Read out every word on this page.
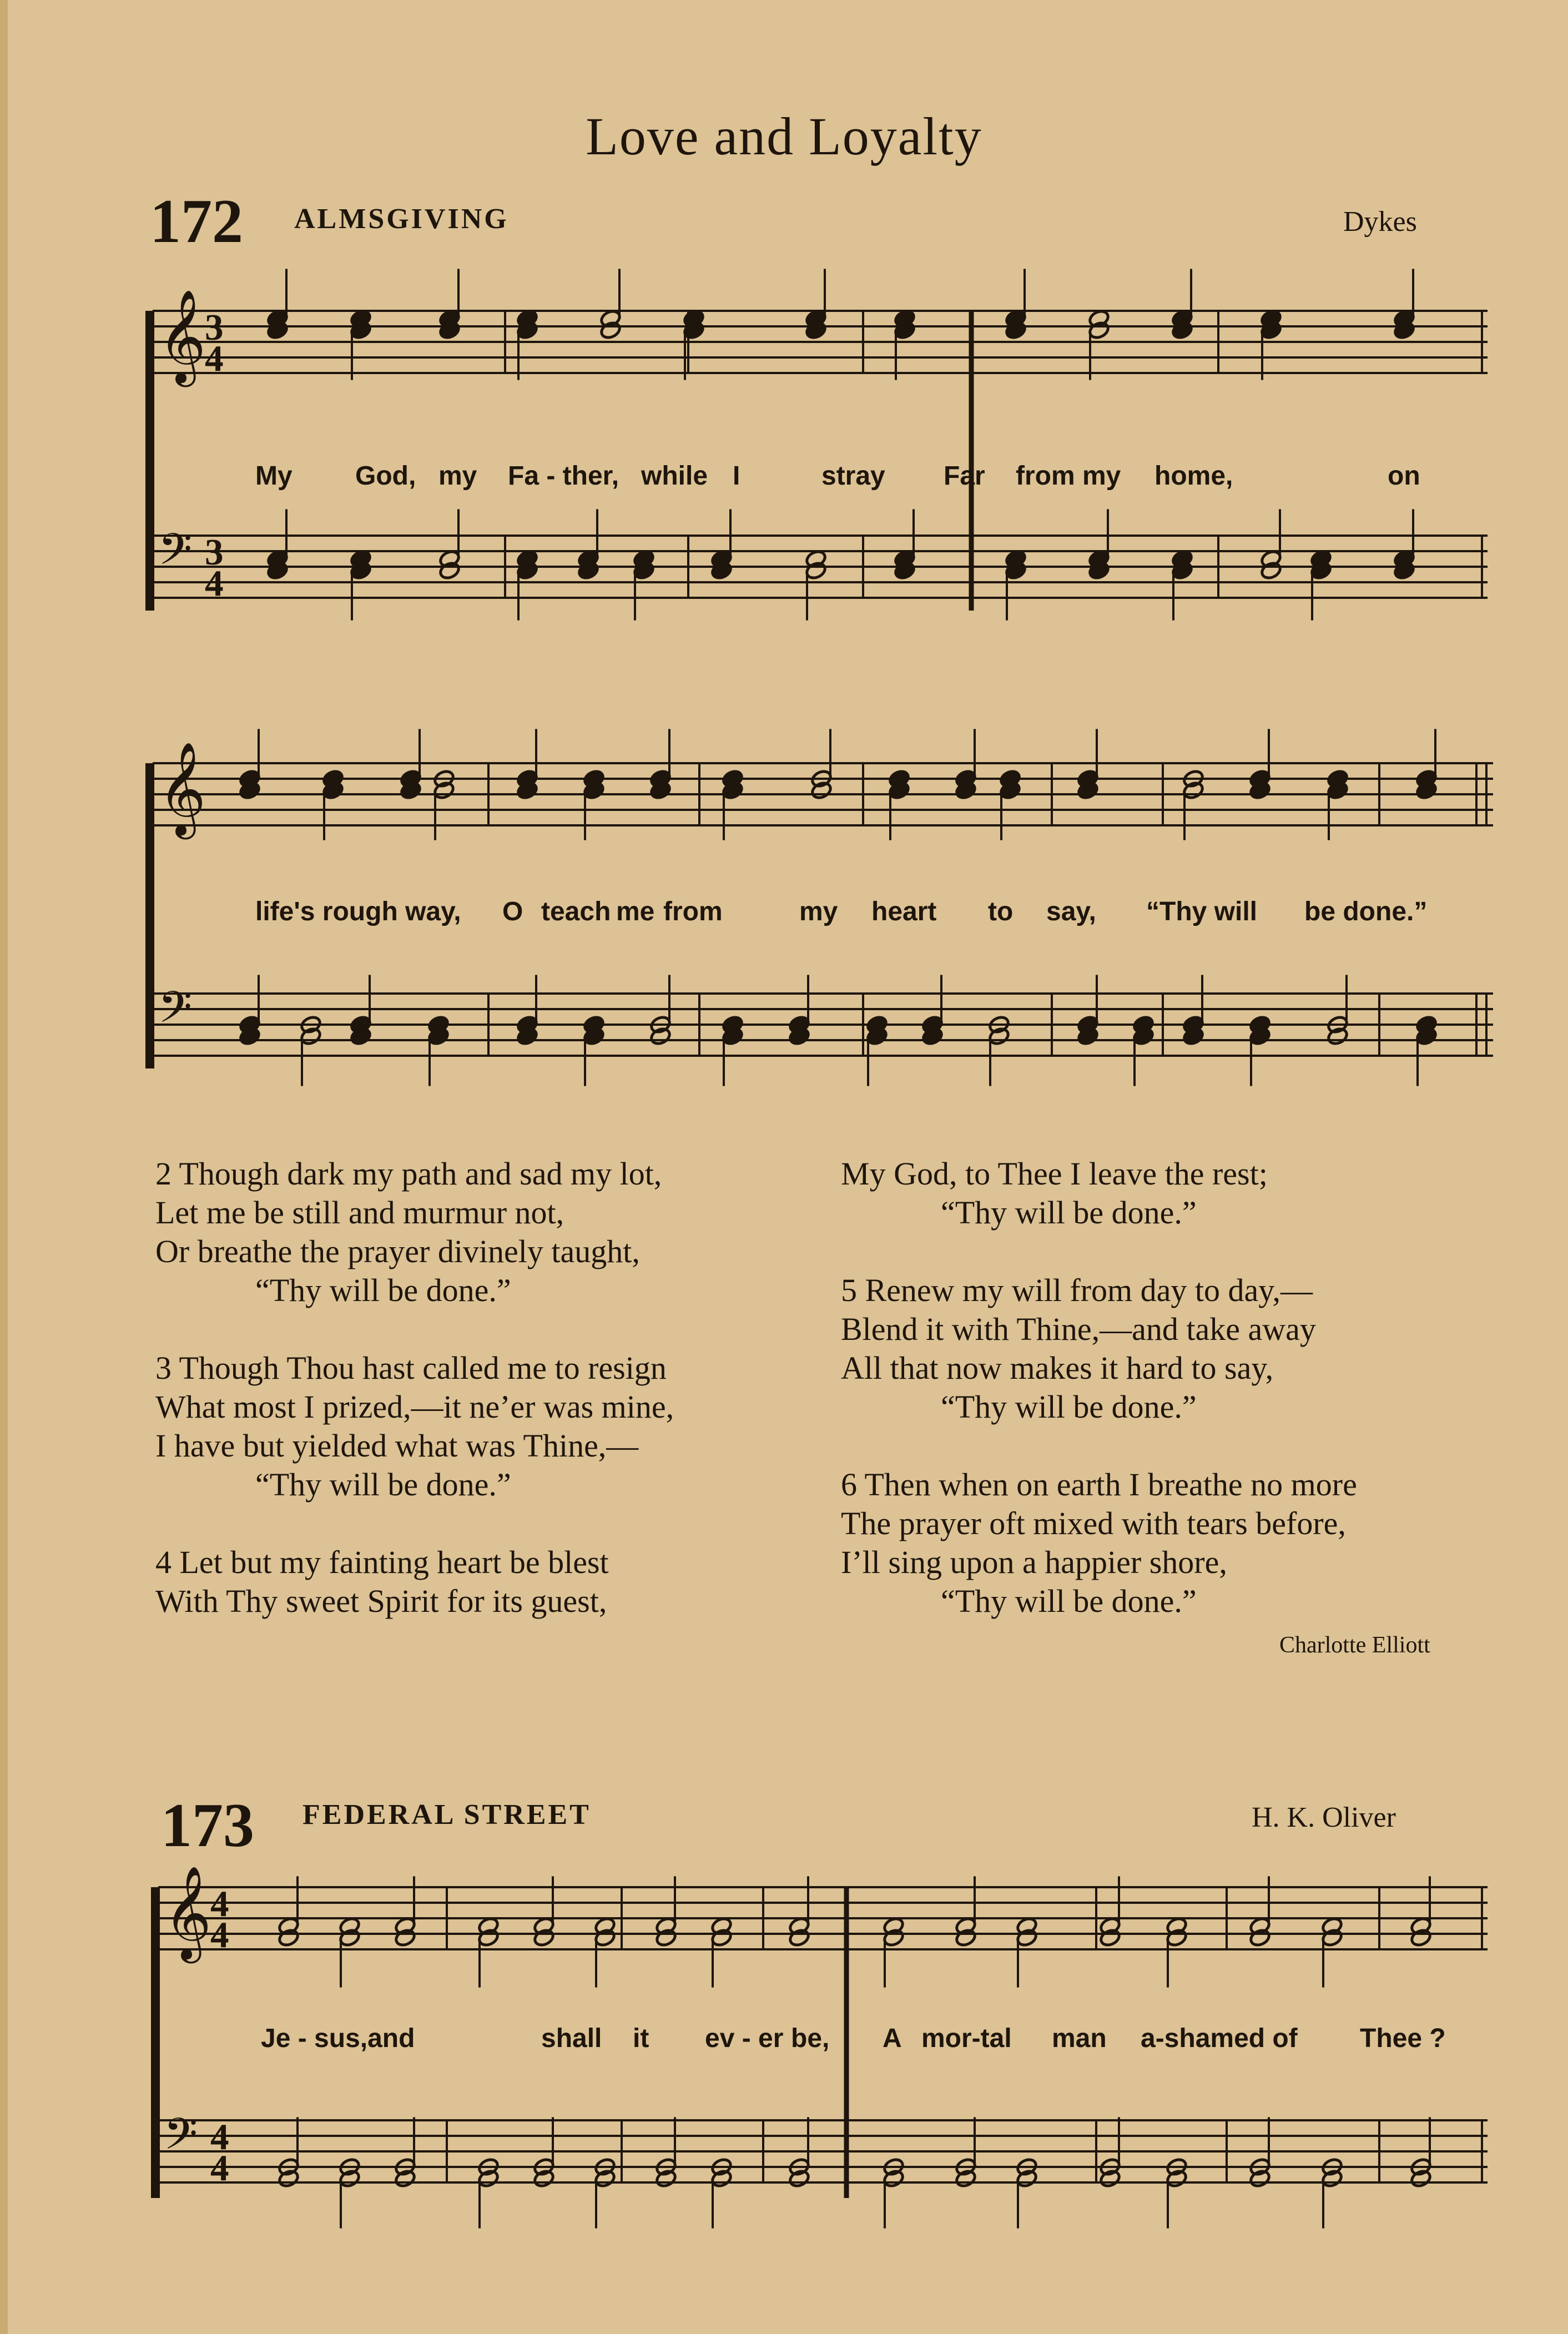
Love and Loyalty
172 ALMSGIVING	Dykes
𝄞
3
4
𝄢 3
4
𝄞
𝄢
𝄞
4
4
𝄢 4
4
My God, my Fa - ther, while I	stray Far from my home,	on
life's rough way, O teach me from	my heart to say, “Thy will be done.”
2 Though dark my path and sad my lot,
Let me be still and murmur not,
Or breathe the prayer divinely taught,
“Thy will be done.”
3 Though Thou hast called me to resign
What most I prized,—it ne’er was mine,
I have but yielded what was Thine,—
“Thy will be done.”
4 Let but my fainting heart be blest
With Thy sweet Spirit for its guest,
My God, to Thee I leave the rest;
“Thy will be done.”
5 Renew my will from day to day,—
Blend it with Thine,—and take away
All that now makes it hard to say,
“Thy will be done.”
6 Then when on earth I breathe no more
The prayer oft mixed with tears before,
I’ll sing upon a happier shore,
“Thy will be done.”
Charlotte Elliott
173 FEDERAL STREET	H. K. Oliver
Je - sus,and	shall it ev - er be, A mor-tal man a-shamed of Thee ?
